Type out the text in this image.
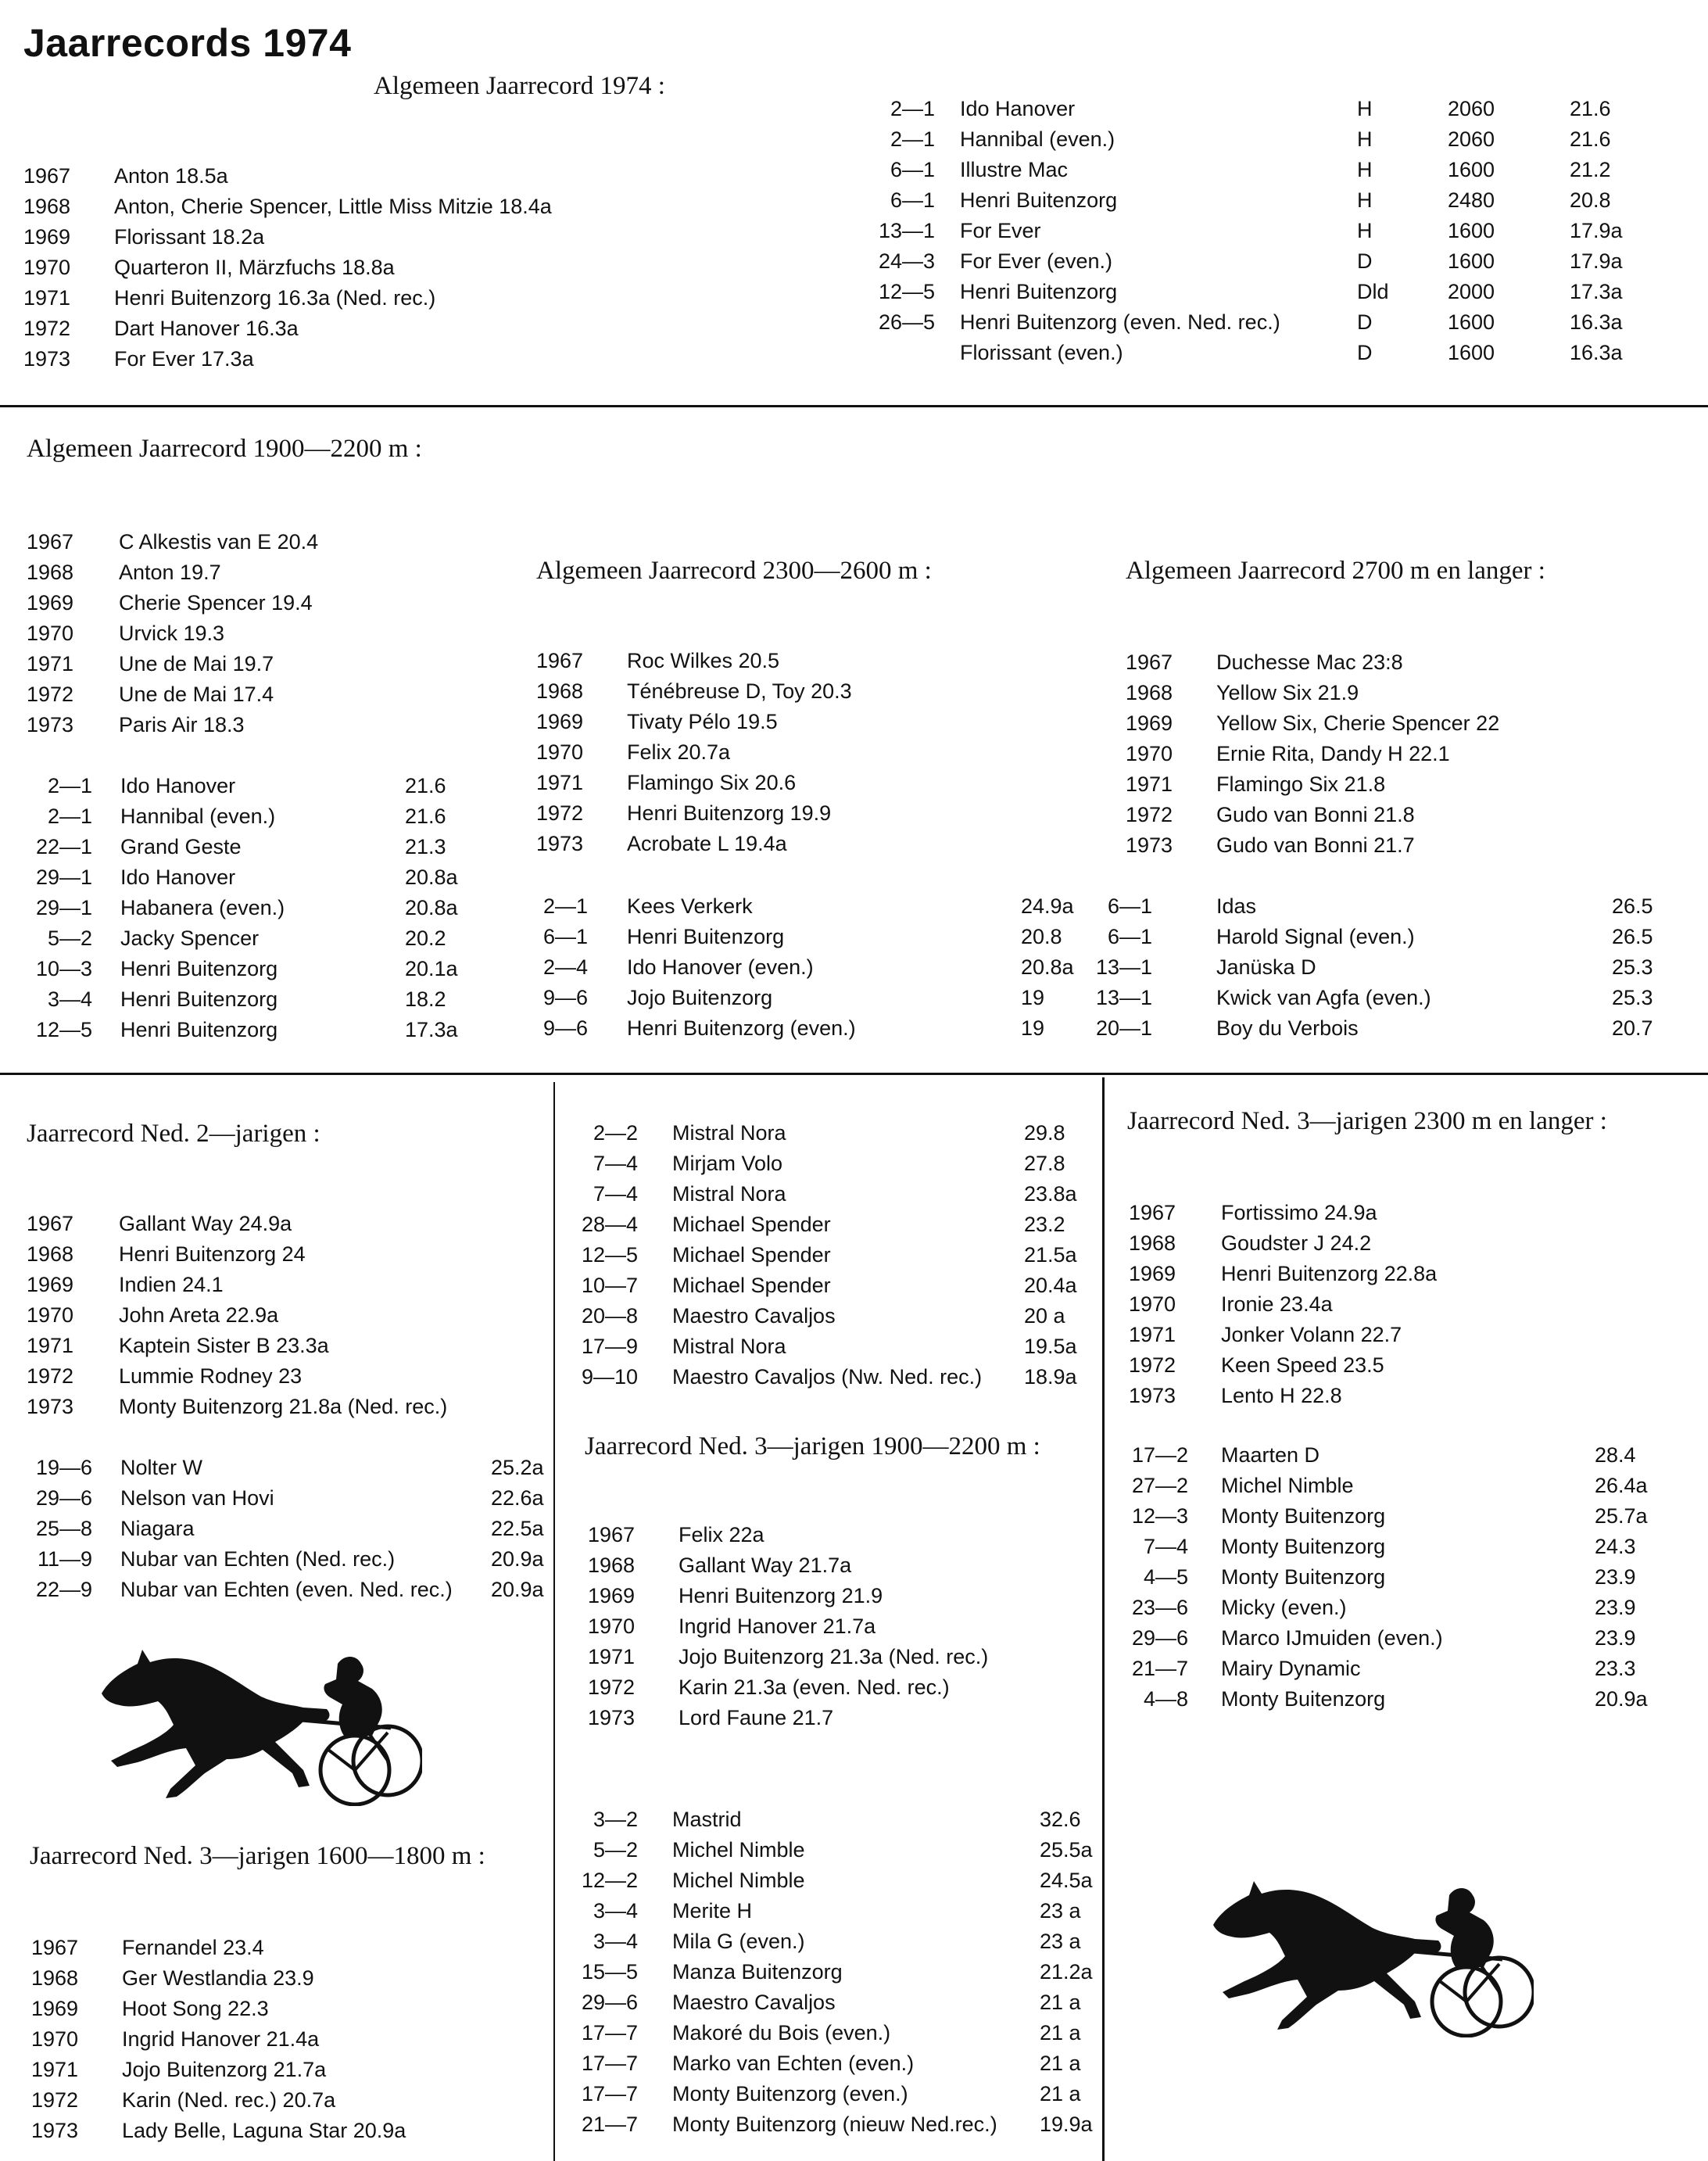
Jaarrecords 1974
Algemeen Jaarrecord 1974 :
Algemeen Jaarrecord 1900—2200 m :
Algemeen Jaarrecord 2300—2600 m :	Algemeen Jaarrecord 2700 m en langer :
Jaarrecord Ned. 2—jarigen :
Jaarrecord Ned. 3—jarigen 1900—2200 m :
Jaarrecord Ned. 3—jarigen 2300 m en langer :
Jaarrecord Ned. 3—jarigen 1600—1800 m :
1967 Anton 18.5a
1968 Anton, Cherie Spencer, Little Miss Mitzie 18.4a
1969 Florissant 18.2a
1970 Quarteron II, Märzfuchs 18.8a
1971 Henri Buitenzorg 16.3a (Ned. rec.)
1972 Dart Hanover 16.3a
1973 For Ever 17.3a
2—1 Ido Hanover	H	2060	21.6
2—1 Hannibal (even.)	H	2060	21.6
6—1 Illustre Mac	H	1600	21.2
6—1 Henri Buitenzorg	H	2480	20.8
13—1 For Ever	H	1600	17.9a
24—3 For Ever (even.)	D	1600	17.9a
12—5 Henri Buitenzorg	Dld	2000	17.3a
26—5 Henri Buitenzorg (even. Ned. rec.)	D	1600	16.3a
Florissant (even.)	D	1600	16.3a
1967 C Alkestis van E 20.4
1968 Anton 19.7
1969 Cherie Spencer 19.4
1970 Urvick 19.3
1971 Une de Mai 19.7
1972 Une de Mai 17.4
1973 Paris Air 18.3
2—1 Ido Hanover	21.6
2—1 Hannibal (even.)	21.6
22—1 Grand Geste	21.3
29—1 Ido Hanover	20.8a
29—1 Habanera (even.)	20.8a
5—2 Jacky Spencer	20.2
10—3 Henri Buitenzorg	20.1a
3—4 Henri Buitenzorg	18.2
12—5 Henri Buitenzorg	17.3a
1967 Roc Wilkes 20.5
1968 Ténébreuse D, Toy 20.3
1969 Tivaty Pélo 19.5
1970 Felix 20.7a
1971 Flamingo Six 20.6
1972 Henri Buitenzorg 19.9
1973 Acrobate L 19.4a
2—1 Kees Verkerk	24.9a
6—1 Henri Buitenzorg	20.8
2—4 Ido Hanover (even.)	20.8a
9—6 Jojo Buitenzorg	19
9—6 Henri Buitenzorg (even.)	19
1967 Duchesse Mac 23:8
1968 Yellow Six 21.9
1969 Yellow Six, Cherie Spencer 22
1970 Ernie Rita, Dandy H 22.1
1971 Flamingo Six 21.8
1972 Gudo van Bonni 21.8
1973 Gudo van Bonni 21.7
6—1	Idas	26.5
6—1	Harold Signal (even.)	26.5
13—1	Janüska D	25.3
13—1	Kwick van Agfa (even.)	25.3
20—1	Boy du Verbois	20.7
1967 Gallant Way 24.9a
1968 Henri Buitenzorg 24
1969 Indien 24.1
1970 John Areta 22.9a
1971 Kaptein Sister B 23.3a
1972 Lummie Rodney 23
1973 Monty Buitenzorg 21.8a (Ned. rec.)
19—6 Nolter W	25.2a
29—6 Nelson van Hovi	22.6a
25—8 Niagara	22.5a
11—9 Nubar van Echten (Ned. rec.)	20.9a
22—9 Nubar van Echten (even. Ned. rec.) 20.9a
2—2 Mistral Nora	29.8
7—4 Mirjam Volo	27.8
7—4 Mistral Nora	23.8a
28—4 Michael Spender	23.2
12—5 Michael Spender	21.5a
10—7 Michael Spender	20.4a
20—8 Maestro Cavaljos	20 a
17—9 Mistral Nora	19.5a
9—10 Maestro Cavaljos (Nw. Ned. rec.) 18.9a
1967 Fernandel 23.4
1968 Ger Westlandia 23.9
1969 Hoot Song 22.3
1970 Ingrid Hanover 21.4a
1971 Jojo Buitenzorg 21.7a
1972 Karin (Ned. rec.) 20.7a
1973 Lady Belle, Laguna Star 20.9a
1967 Felix 22a
1968 Gallant Way 21.7a
1969 Henri Buitenzorg 21.9
1970 Ingrid Hanover 21.7a
1971 Jojo Buitenzorg 21.3a (Ned. rec.)
1972 Karin 21.3a (even. Ned. rec.)
1973 Lord Faune 21.7
3—2 Mastrid	32.6
5—2 Michel Nimble	25.5a
12—2 Michel Nimble	24.5a
3—4 Merite H	23 a
3—4 Mila G (even.)	23 a
15—5 Manza Buitenzorg	21.2a
29—6 Maestro Cavaljos	21 a
17—7 Makoré du Bois (even.)	21 a
17—7 Marko van Echten (even.)	21 a
17—7 Monty Buitenzorg (even.)	21 a
21—7 Monty Buitenzorg (nieuw Ned.rec.) 19.9a
1967 Fortissimo 24.9a
1968 Goudster J 24.2
1969 Henri Buitenzorg 22.8a
1970 Ironie 23.4a
1971 Jonker Volann 22.7
1972 Keen Speed 23.5
1973 Lento H 22.8
17—2 Maarten D	28.4
27—2 Michel Nimble	26.4a
12—3 Monty Buitenzorg	25.7a
7—4 Monty Buitenzorg	24.3
4—5 Monty Buitenzorg	23.9
23—6 Micky (even.)	23.9
29—6 Marco IJmuiden (even.)	23.9
21—7 Mairy Dynamic	23.3
4—8 Monty Buitenzorg	20.9a
